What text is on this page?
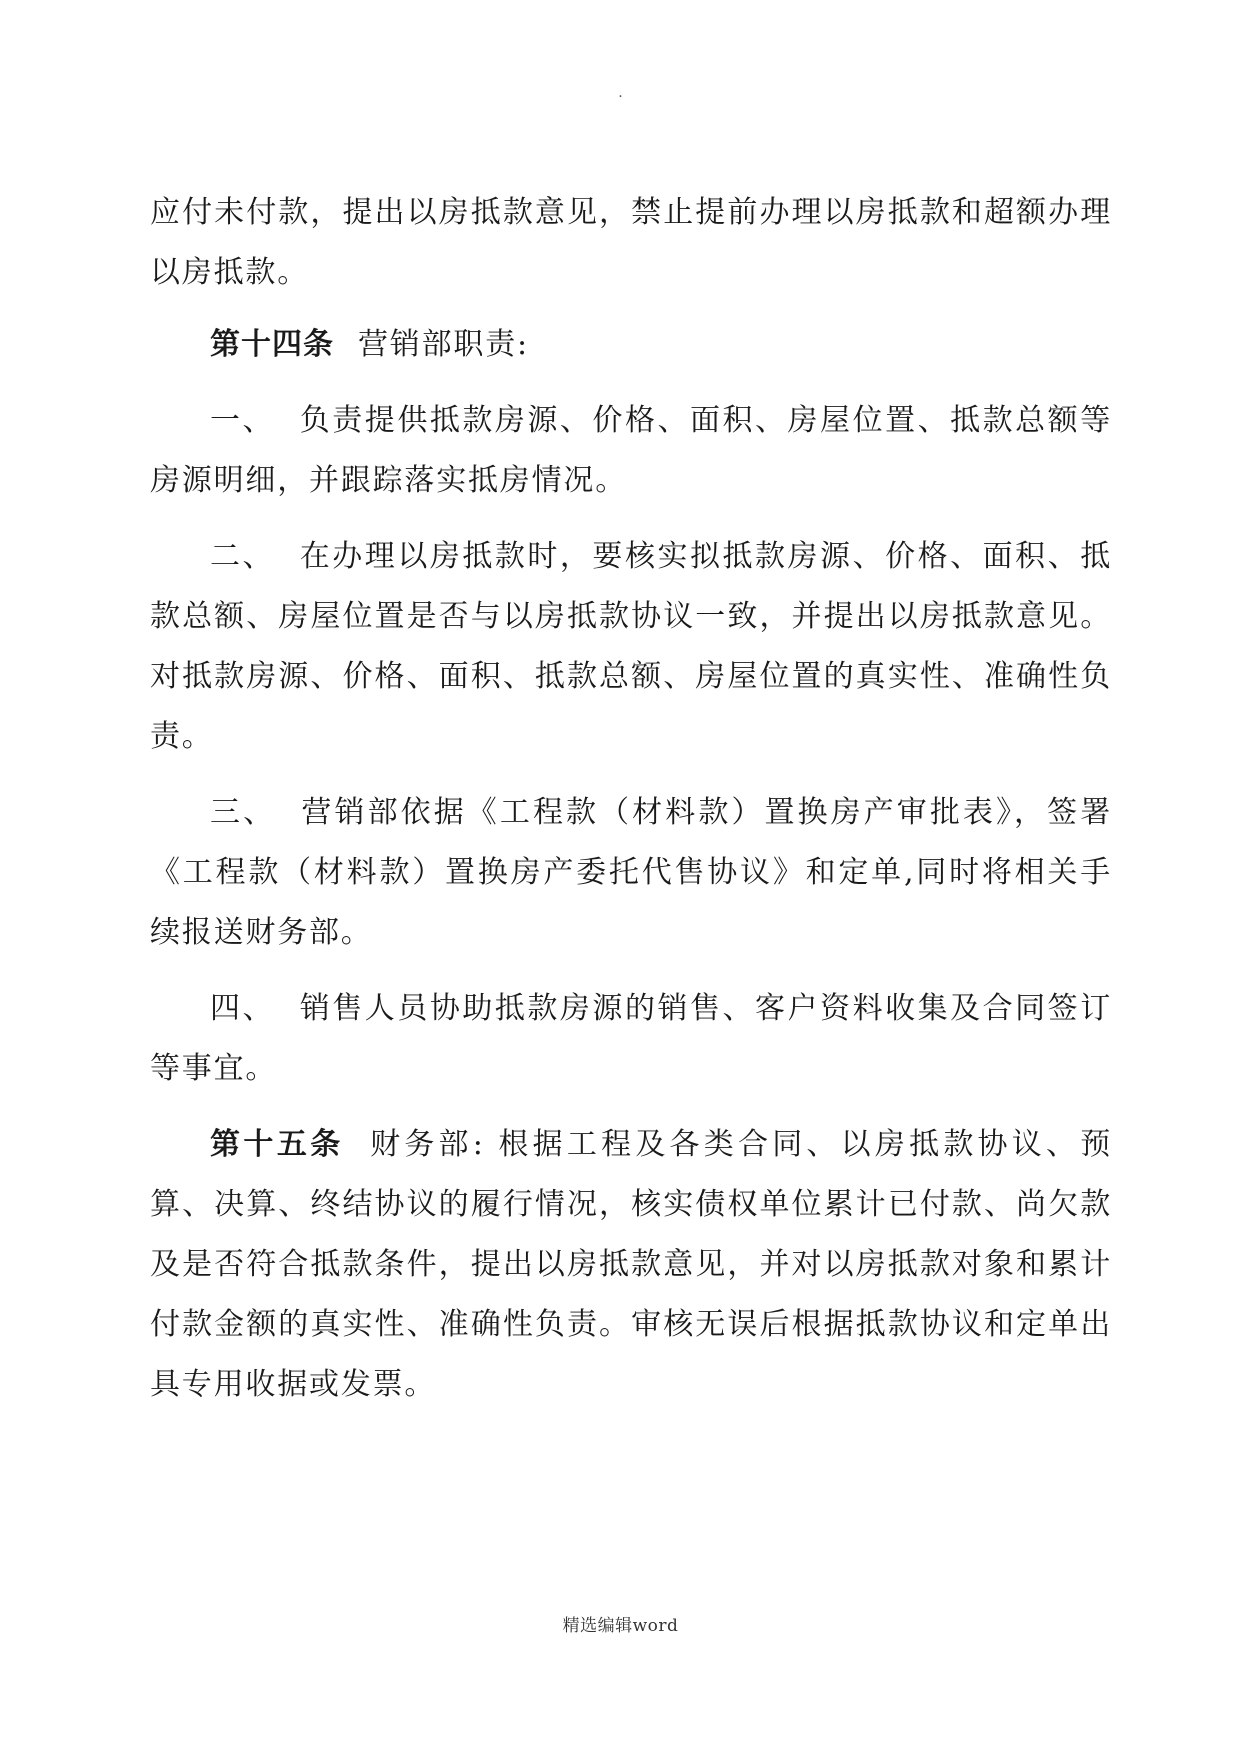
.

应付未付款，提出以房抵款意见，禁止提前办理以房抵款和超额办理以房抵款。

第十四条 营销部职责:

一、 负责提供抵款房源、价格、面积、房屋位置、抵款总额等房源明细，并跟踪落实抵房情况。

二、 在办理以房抵款时，要核实拟抵款房源、价格、面积、抵款总额、房屋位置是否与以房抵款协议一致，并提出以房抵款意见。对抵款房源、价格、面积、抵款总额、房屋位置的真实性、准确性负责。

三、 营销部依据《工程款（材料款）置换房产审批表》，签署《工程款（材料款）置换房产委托代售协议》和定单,同时将相关手续报送财务部。

四、 销售人员协助抵款房源的销售、客户资料收集及合同签订等事宜。

第十五条 财务部: 根据工程及各类合同、以房抵款协议、预算、决算、终结协议的履行情况，核实债权单位累计已付款、尚欠款及是否符合抵款条件，提出以房抵款意见，并对以房抵款对象和累计付款金额的真实性、准确性负责。审核无误后根据抵款协议和定单出具专用收据或发票。

精选编辑word
